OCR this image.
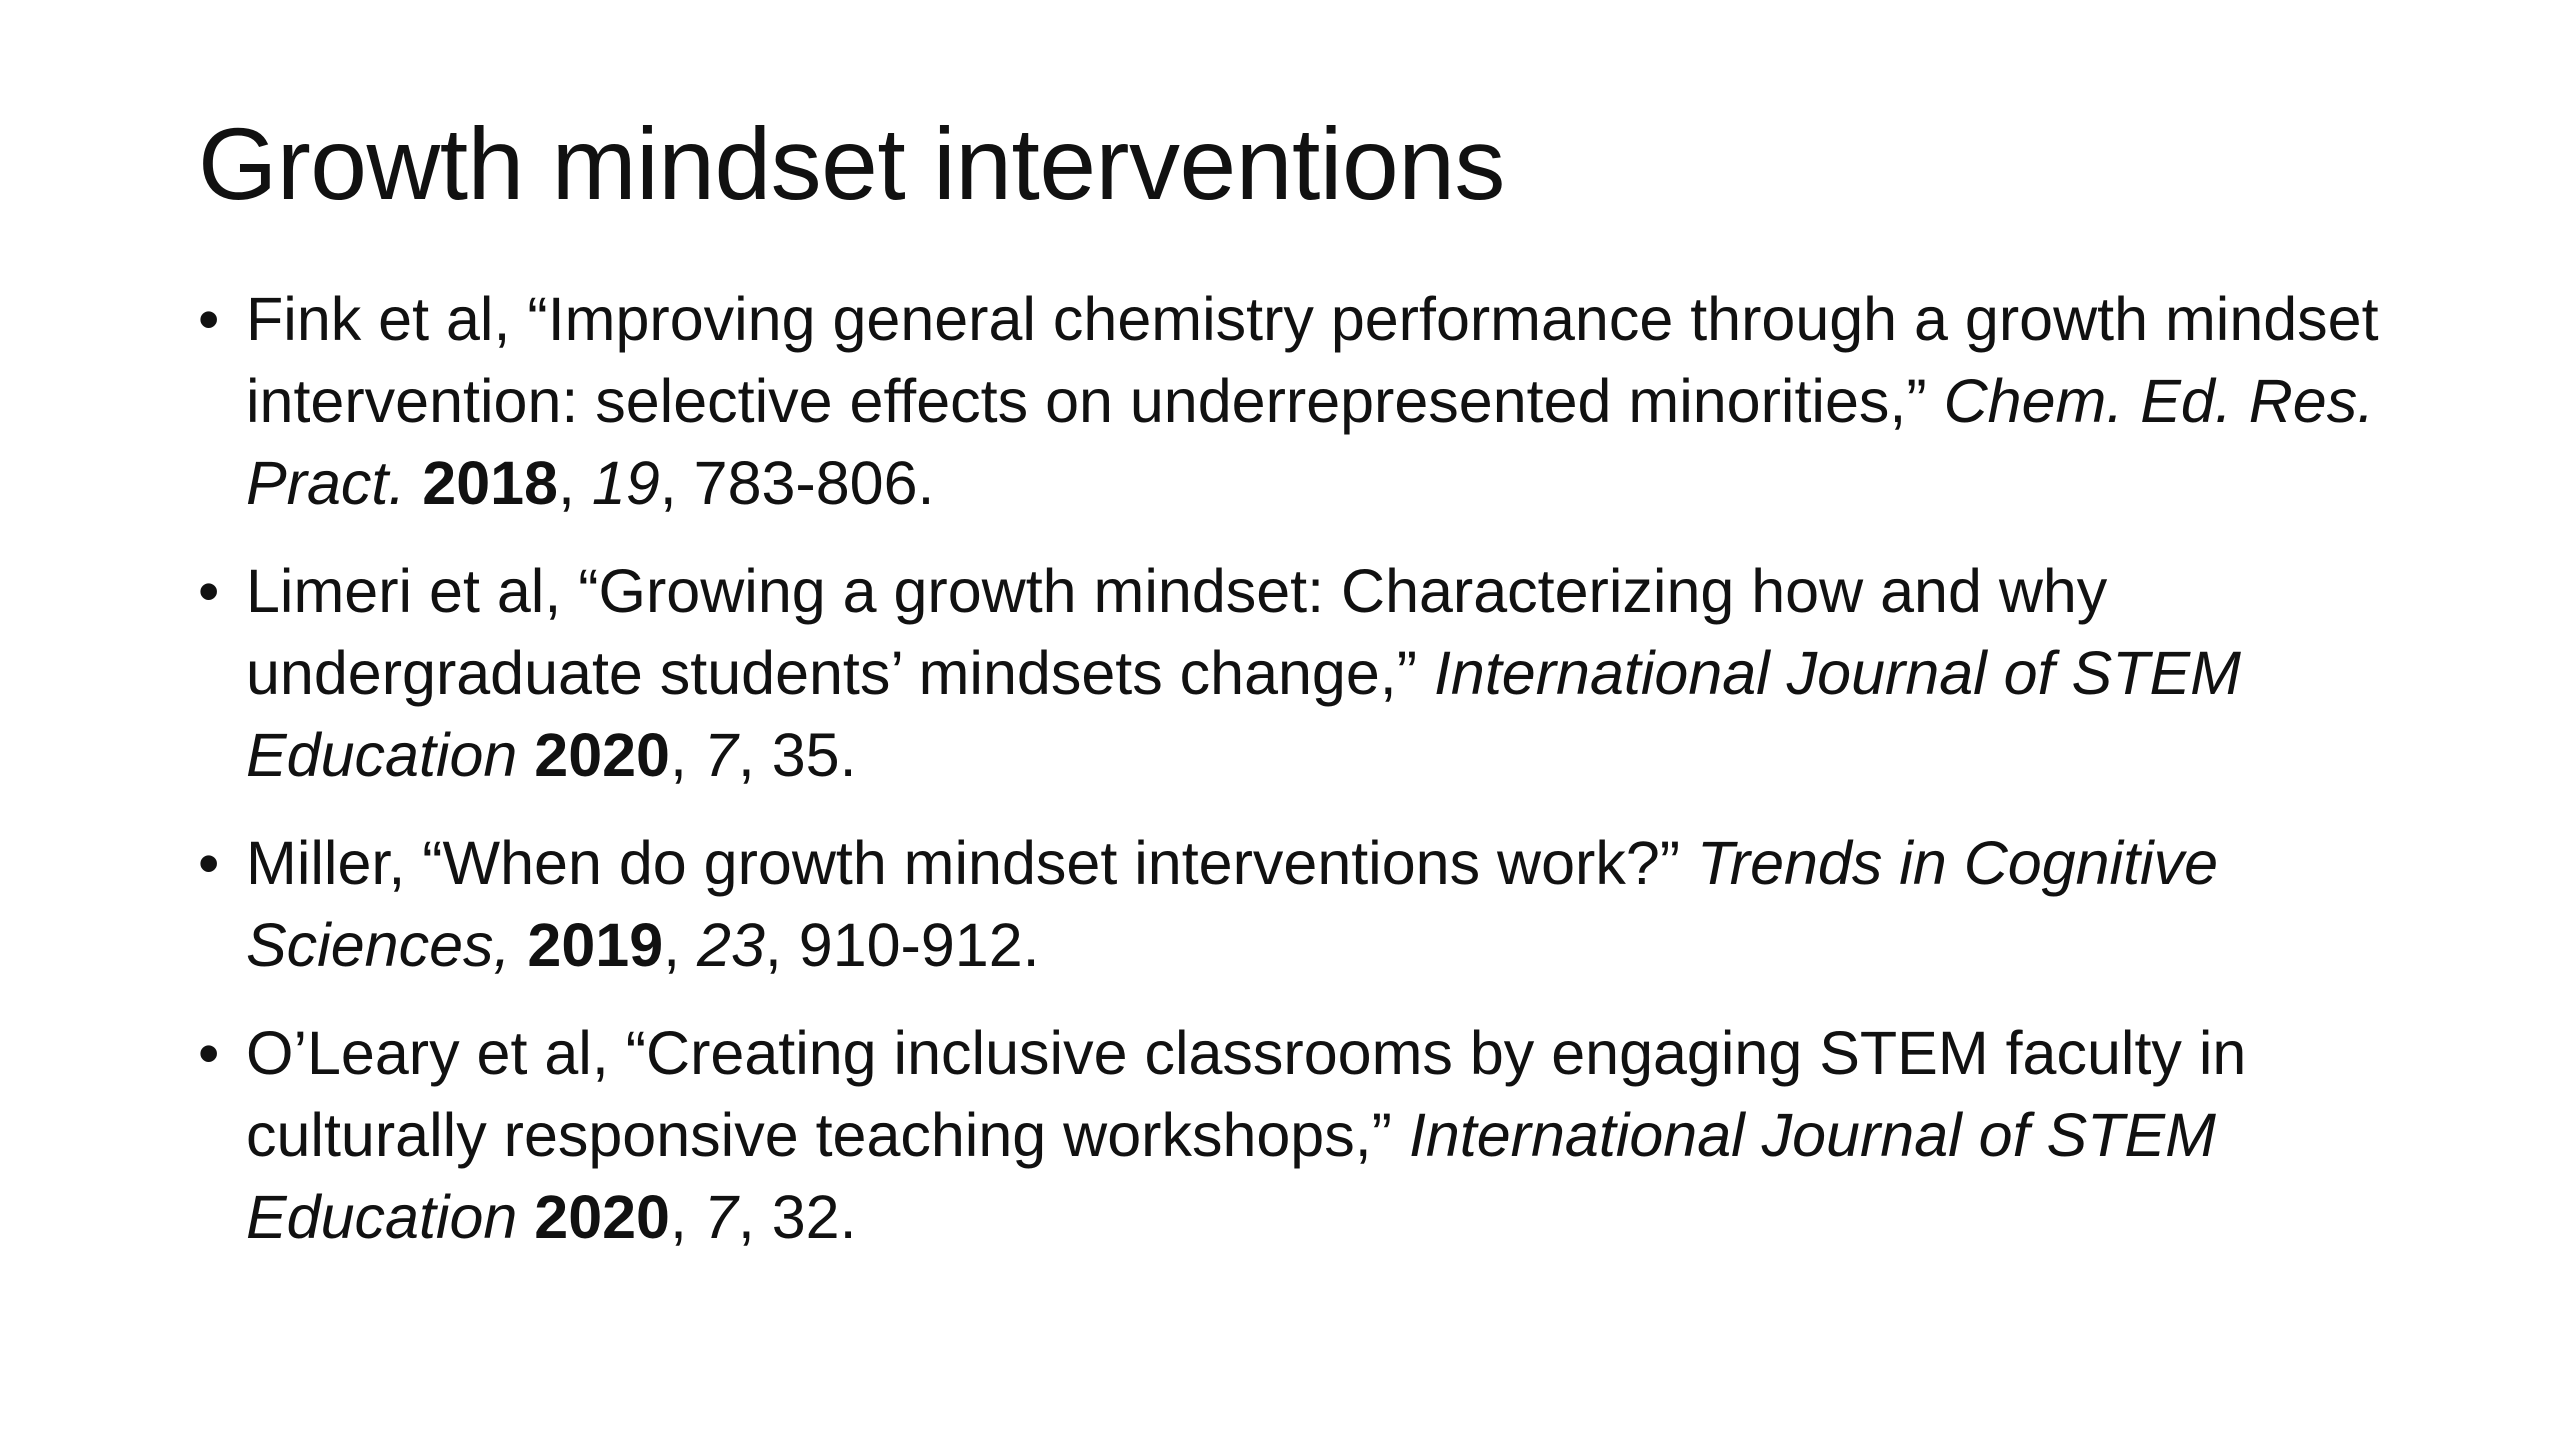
Growth mindset interventions
• Fink et al, “Improving general chemistry performance through a growth mindset intervention: selective effects on underrepresented minorities,” Chem. Ed. Res. Pract. 2018, 19, 783-806.
• Limeri et al, “Growing a growth mindset: Characterizing how and why undergraduate students’ mindsets change,” International Journal of STEM Education 2020, 7, 35.
• Miller, “When do growth mindset interventions work?” Trends in Cognitive Sciences, 2019, 23, 910-912.
• O’Leary et al, “Creating inclusive classrooms by engaging STEM faculty in culturally responsive teaching workshops,” International Journal of STEM Education 2020, 7, 32.
